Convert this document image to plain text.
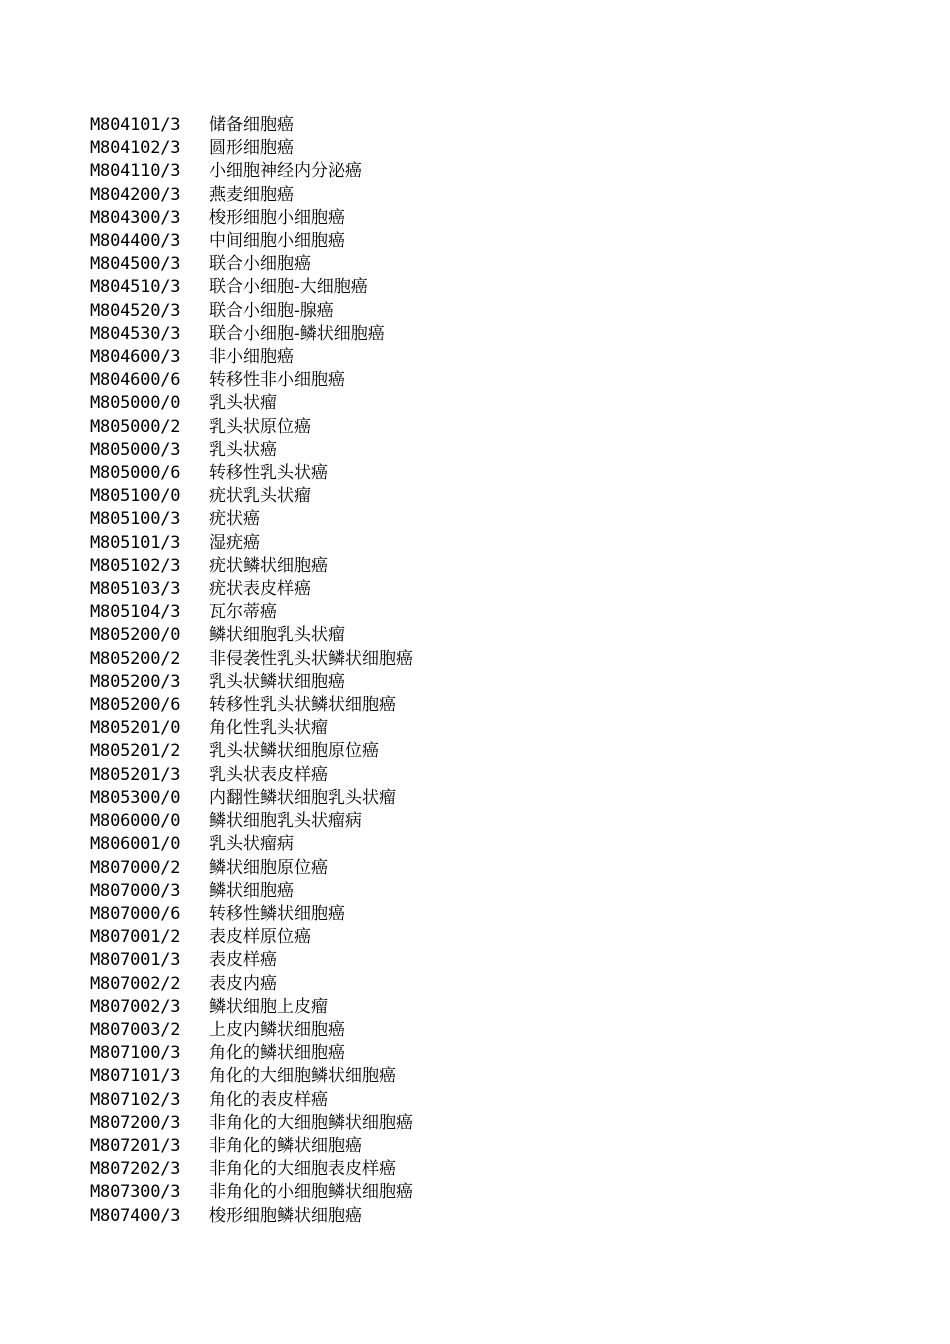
M804101/3	储备细胞癌
M804102/3	圆形细胞癌
M804110/3	小细胞神经内分泌癌
M804200/3	燕麦细胞癌
M804300/3	梭形细胞小细胞癌
M804400/3	中间细胞小细胞癌
M804500/3	联合小细胞癌
M804510/3	联合小细胞-大细胞癌
M804520/3	联合小细胞-腺癌
M804530/3	联合小细胞-鳞状细胞癌
M804600/3	非小细胞癌
M804600/6	转移性非小细胞癌
M805000/0	乳头状瘤
M805000/2	乳头状原位癌
M805000/3	乳头状癌
M805000/6	转移性乳头状癌
M805100/0	疣状乳头状瘤
M805100/3	疣状癌
M805101/3	湿疣癌
M805102/3	疣状鳞状细胞癌
M805103/3	疣状表皮样癌
M805104/3	瓦尔蒂癌
M805200/0	鳞状细胞乳头状瘤
M805200/2	非侵袭性乳头状鳞状细胞癌
M805200/3	乳头状鳞状细胞癌
M805200/6	转移性乳头状鳞状细胞癌
M805201/0	角化性乳头状瘤
M805201/2	乳头状鳞状细胞原位癌
M805201/3	乳头状表皮样癌
M805300/0	内翻性鳞状细胞乳头状瘤
M806000/0	鳞状细胞乳头状瘤病
M806001/0	乳头状瘤病
M807000/2	鳞状细胞原位癌
M807000/3	鳞状细胞癌
M807000/6	转移性鳞状细胞癌
M807001/2	表皮样原位癌
M807001/3	表皮样癌
M807002/2	表皮内癌
M807002/3	鳞状细胞上皮瘤
M807003/2	上皮内鳞状细胞癌
M807100/3	角化的鳞状细胞癌
M807101/3	角化的大细胞鳞状细胞癌
M807102/3	角化的表皮样癌
M807200/3	非角化的大细胞鳞状细胞癌
M807201/3	非角化的鳞状细胞癌
M807202/3	非角化的大细胞表皮样癌
M807300/3	非角化的小细胞鳞状细胞癌
M807400/3	梭形细胞鳞状细胞癌
